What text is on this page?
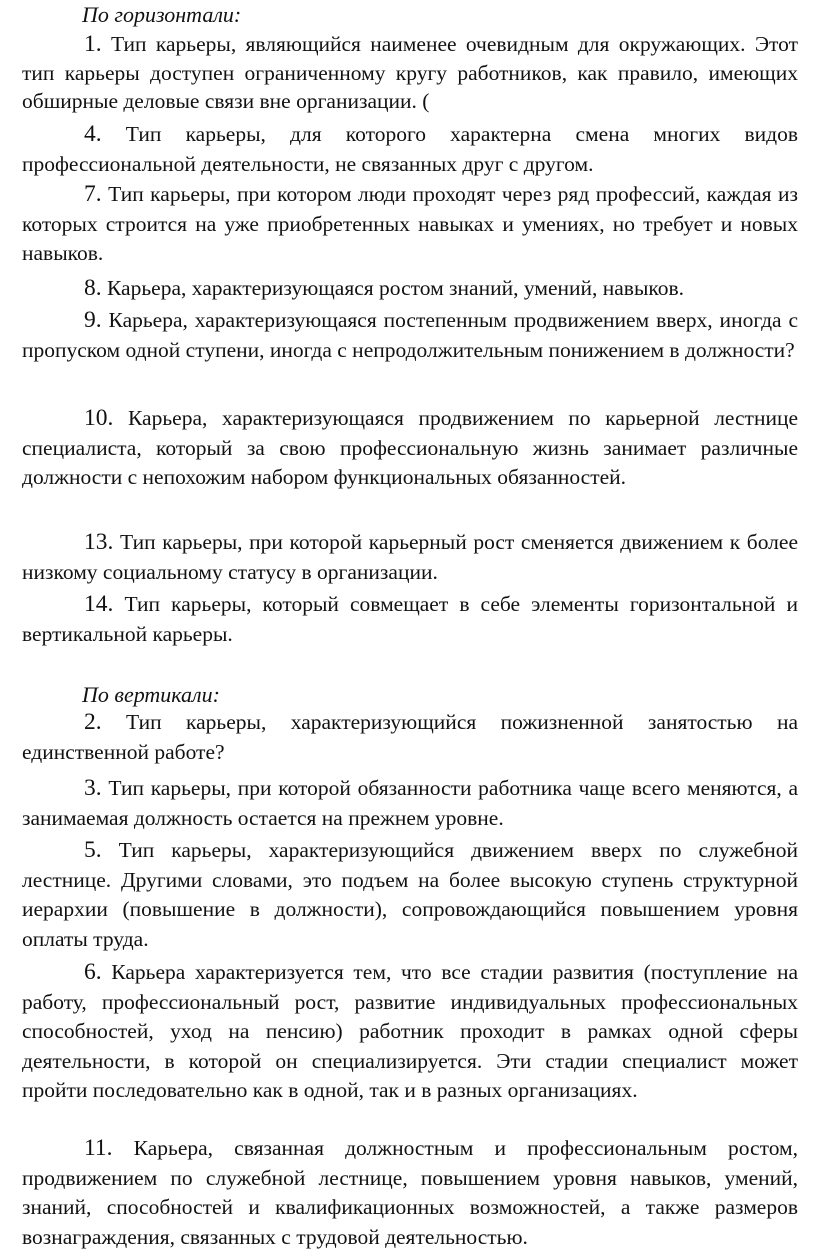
По горизонтали:

1. Тип карьеры, являющийся наименее очевидным для окружающих. Этот тип карьеры доступен ограниченному кругу работников, как правило, имеющих обширные деловые связи вне организации. (

4. Тип карьеры, для которого характерна смена многих видов профессиональной деятельности, не связанных друг с другом.

7. Тип карьеры, при котором люди проходят через ряд профессий, каждая из которых строится на уже приобретенных навыках и умениях, но требует и новых навыков.

8. Карьера, характеризующаяся ростом знаний, умений, навыков.

9. Карьера, характеризующаяся постепенным продвижением вверх, иногда с пропуском одной ступени, иногда с непродолжительным понижением в должности?

10. Карьера, характеризующаяся продвижением по карьерной лестнице специалиста, который за свою профессиональную жизнь занимает различные должности с непохожим набором функциональных обязанностей.

13. Тип карьеры, при которой карьерный рост сменяется движением к более низкому социальному статусу в организации.

14. Тип карьеры, который совмещает в себе элементы горизонтальной и вертикальной карьеры.

По вертикали:

2. Тип карьеры, характеризующийся пожизненной занятостью на единственной работе?

3. Тип карьеры, при которой обязанности работника чаще всего меняются, а занимаемая должность остается на прежнем уровне.

5. Тип карьеры, характеризующийся движением вверх по служебной лестнице. Другими словами, это подъем на более высокую ступень структурной иерархии (повышение в должности), сопровождающийся повышением уровня оплаты труда.

6. Карьера характеризуется тем, что все стадии развития (поступление на работу, профессиональный рост, развитие индивидуальных профессиональных способностей, уход на пенсию) работник проходит в рамках одной сферы деятельности, в которой он специализируется. Эти стадии специалист может пройти последовательно как в одной, так и в разных организациях.

11. Карьера, связанная должностным и профессиональным ростом, продвижением по служебной лестнице, повышением уровня навыков, умений, знаний, способностей и квалификационных возможностей, а также размеров вознаграждения, связанных с трудовой деятельностью.
